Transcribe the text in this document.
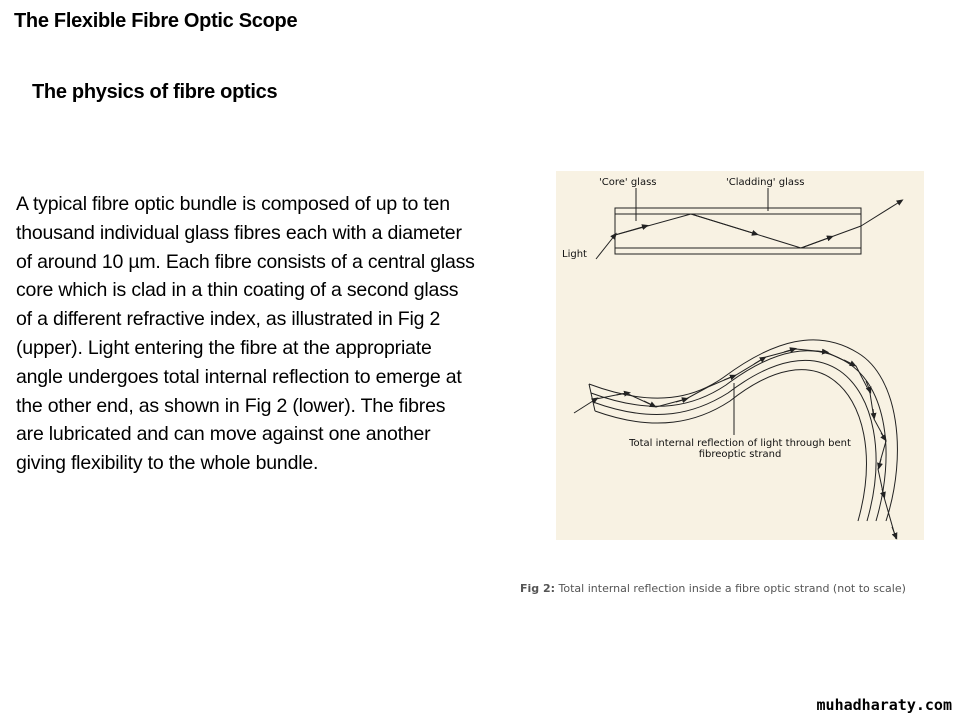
The Flexible Fibre Optic Scope
The physics of fibre optics
A typical fibre optic bundle is composed of up to ten thousand individual glass fibres each with a diameter of around 10 µm. Each fibre consists of a central glass core which is clad in a thin coating of a second glass of a different refractive index, as illustrated in Fig 2 (upper). Light entering the fibre at the appropriate angle undergoes total internal reflection to emerge at the other end, as shown in Fig 2 (lower). The fibres are lubricated and can move against one another giving flexibility to the whole bundle.
'Core' glass	'Cladding' glass
Light
Total internal reflection of light through bent
fibreoptic strand
Fig 2: Total internal reflection inside a fibre optic strand (not to scale)
muhadharaty.com
